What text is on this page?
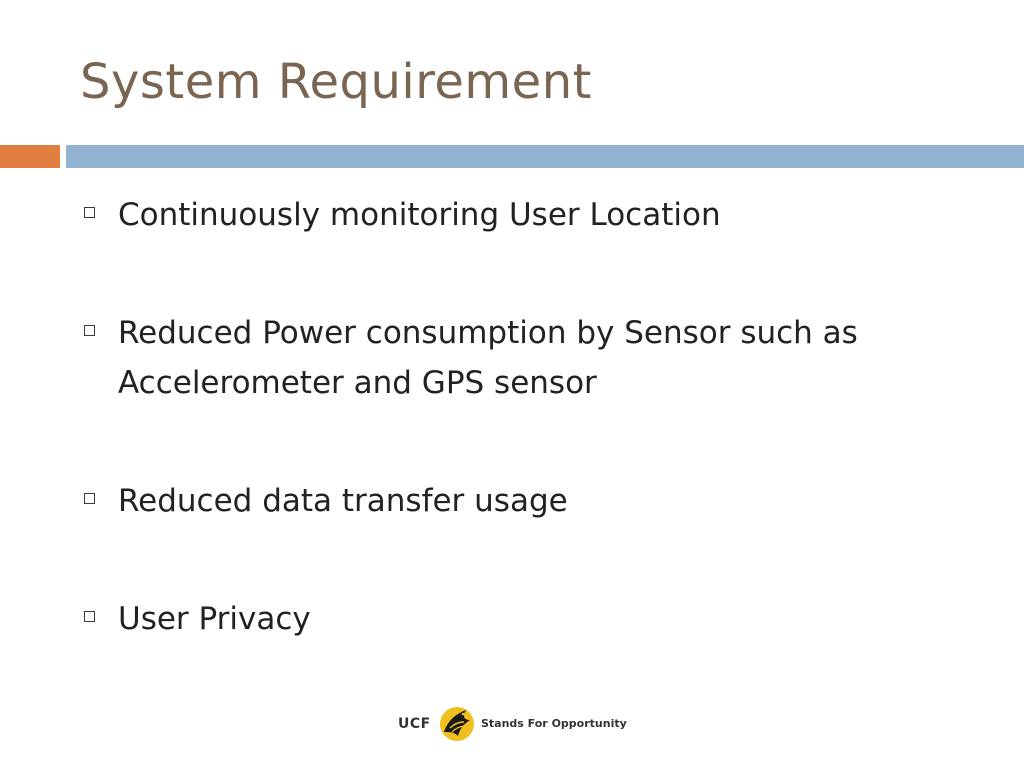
System Requirement
Continuously monitoring User Location
Reduced Power consumption by Sensor such as Accelerometer and GPS sensor
Reduced data transfer usage
User Privacy
UCF	Stands For Opportunity
